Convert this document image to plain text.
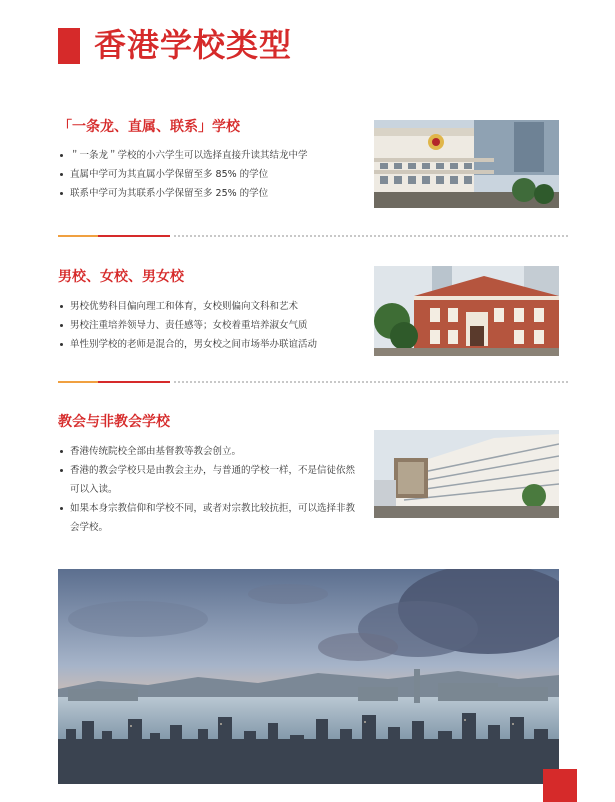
香港学校类型
「一条龙、直属、联系」学校
＂一条龙＂学校的小六学生可以选择直接升读其结龙中学
直属中学可为其直属小学保留至多 85% 的学位
联系中学可为其联系小学保留至多 25% 的学位
男校、女校、男女校
男校优势科目偏向理工和体育，女校则偏向文科和艺术
男校注重培养领导力、责任感等；女校着重培养淑女气质
单性别学校的老师是混合的，男女校之间市场举办联谊活动
教会与非教会学校
香港传统院校全部由基督教等教会创立。
香港的教会学校只是由教会主办，与普通的学校一样，不是信徒依然可以入读。
如果本身宗教信仰和学校不同，或者对宗教比较抗拒，可以选择非教会学校。
